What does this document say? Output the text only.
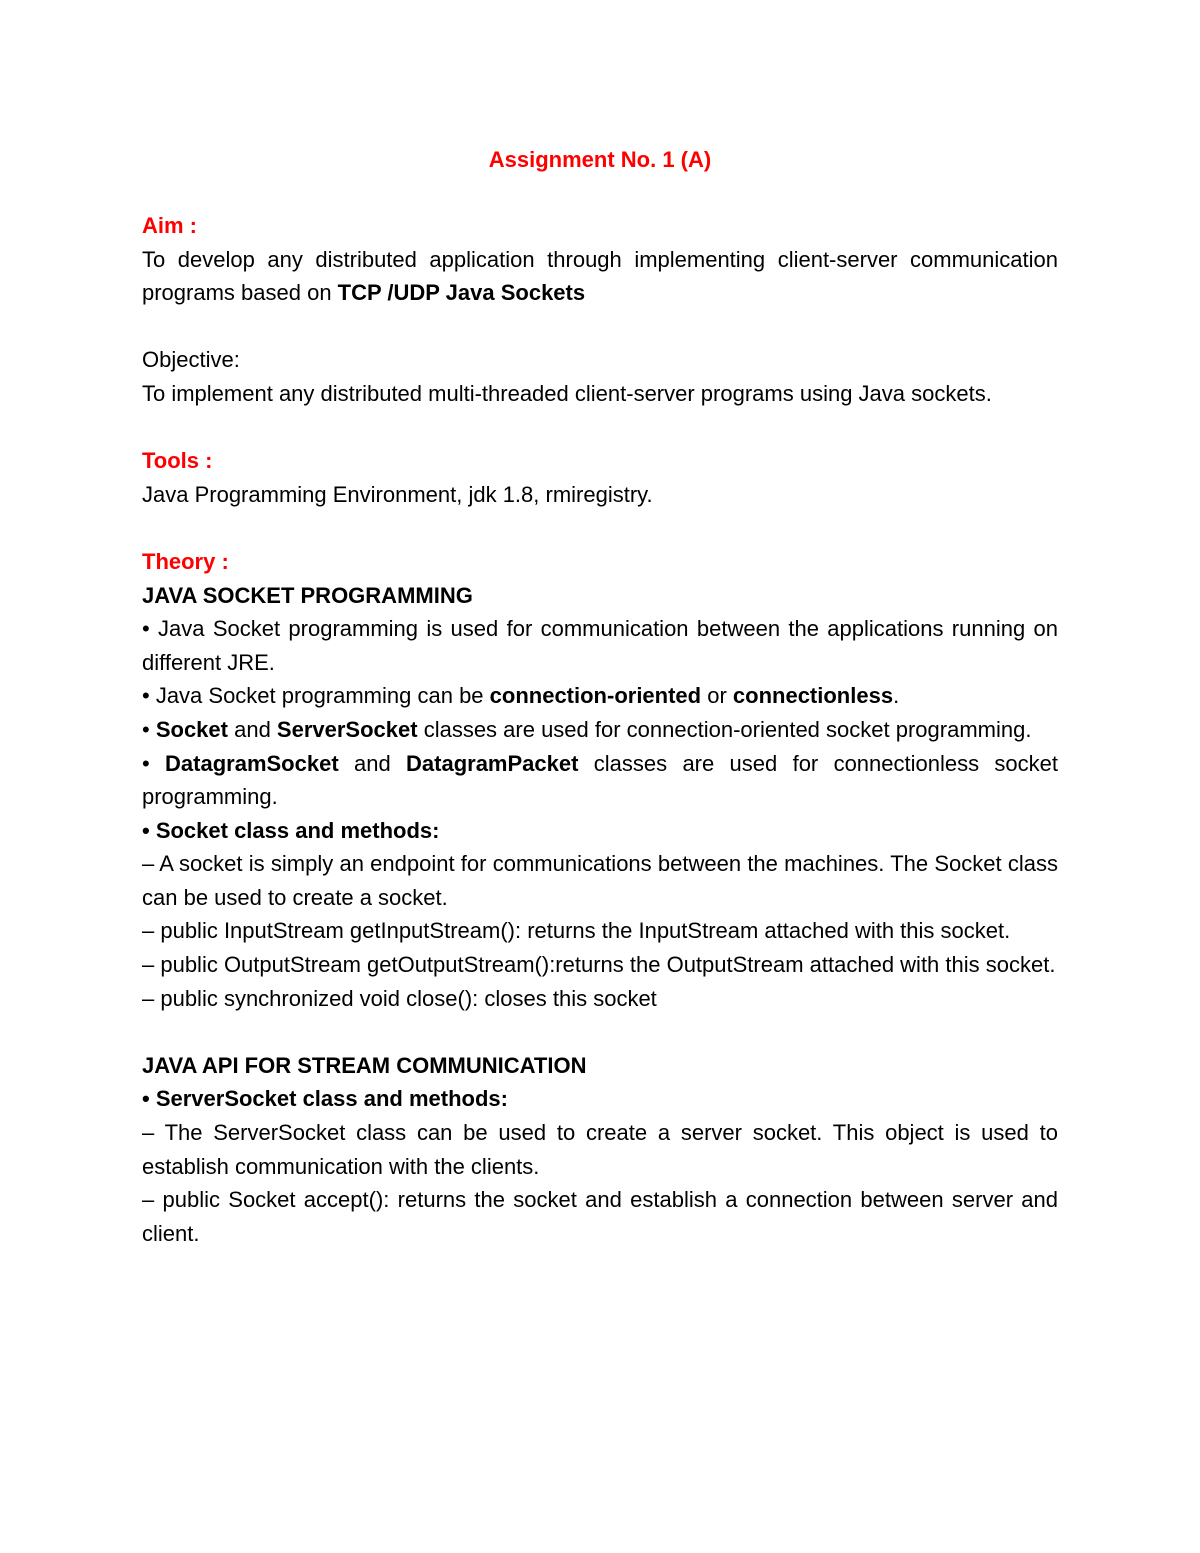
Assignment No. 1 (A)

Aim :

To develop any distributed application through implementing client-server communication programs based on TCP /UDP Java Sockets

Objective:

To implement any distributed multi-threaded client-server programs using Java sockets.

Tools :

Java Programming Environment, jdk 1.8, rmiregistry.

Theory :

JAVA SOCKET PROGRAMMING

• Java Socket programming is used for communication between the applications running on different JRE.

• Java Socket programming can be connection-oriented or connectionless.

• Socket and ServerSocket classes are used for connection-oriented socket programming.

• DatagramSocket and DatagramPacket classes are used for connectionless socket programming.

• Socket class and methods:

– A socket is simply an endpoint for communications between the machines. The Socket class can be used to create a socket.

– public InputStream getInputStream(): returns the InputStream attached with this socket.

– public OutputStream getOutputStream():returns the OutputStream attached with this socket.

– public synchronized void close(): closes this socket

JAVA API FOR STREAM COMMUNICATION

• ServerSocket class and methods:

– The ServerSocket class can be used to create a server socket. This object is used to establish communication with the clients.

– public Socket accept(): returns the socket and establish a connection between server and client.
